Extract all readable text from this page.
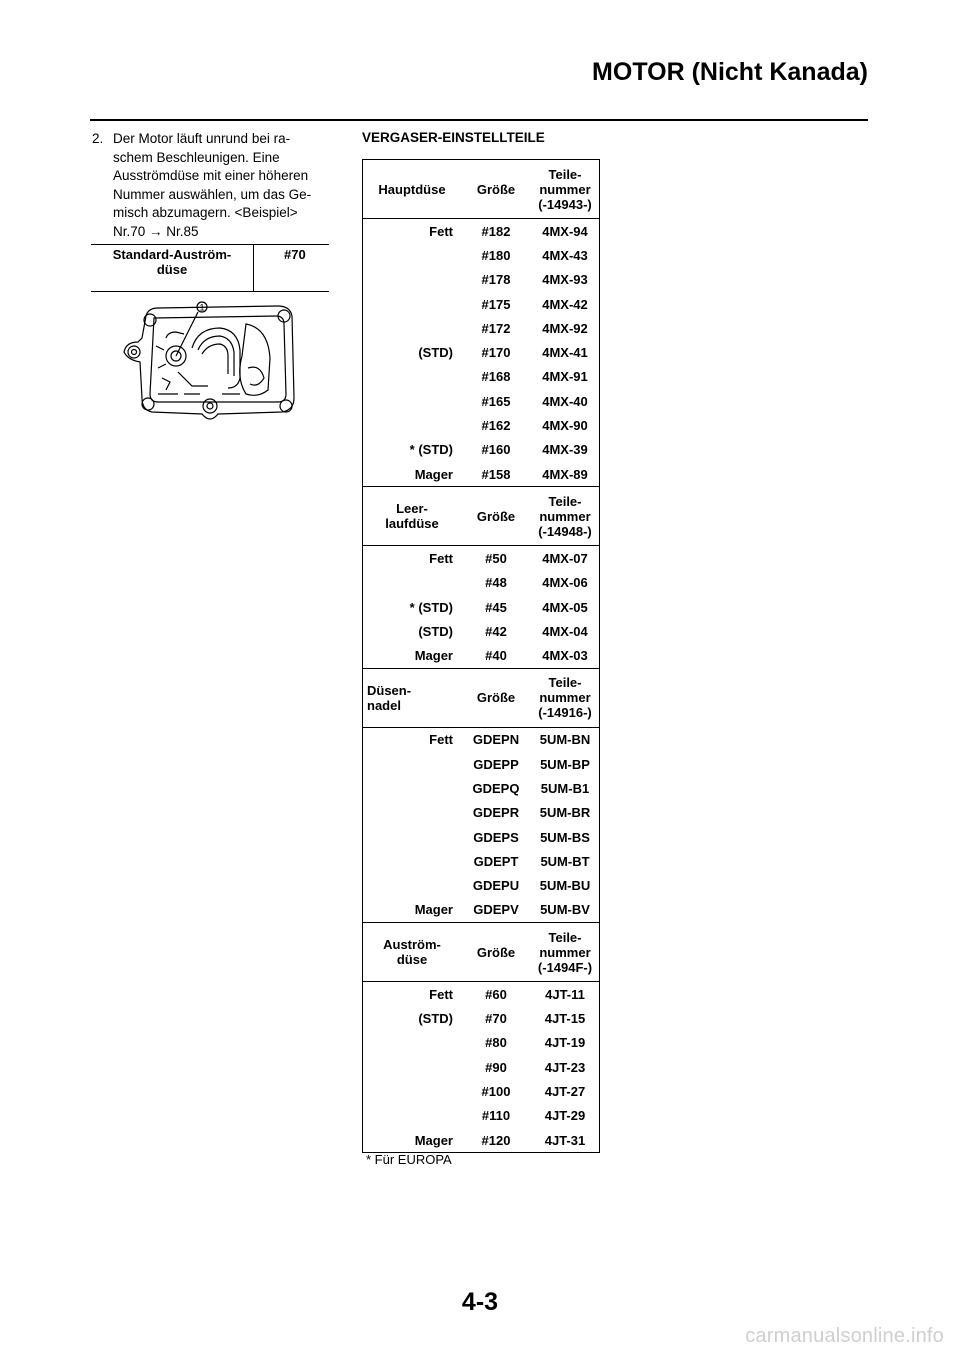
MOTOR (Nicht Kanada)
2. Der Motor läuft unrund bei ra-
schem Beschleunigen. Eine
Ausströmdüse mit einer höheren
Nummer auswählen, um das Ge-
misch abzumagern. <Beispiel>
Nr.70 → Nr.85
Standard-Auström-
düse	#70
1
VERGASER-EINSTELLTEILE
Hauptdüse	Größe	Teile-
nummer
(-14943-)
Fett	#182	4MX-94
	#180	4MX-43
	#178	4MX-93
	#175	4MX-42
	#172	4MX-92
(STD)	#170	4MX-41
	#168	4MX-91
	#165	4MX-40
	#162	4MX-90
* (STD)	#160	4MX-39
Mager	#158	4MX-89
Leer-
laufdüse	Größe	Teile-
nummer
(-14948-)
Fett	#50	4MX-07
	#48	4MX-06
* (STD)	#45	4MX-05
(STD)	#42	4MX-04
Mager	#40	4MX-03
Düsen-
nadel	Größe	Teile-
nummer
(-14916-)
Fett	GDEPN	5UM-BN
	GDEPP	5UM-BP
	GDEPQ	5UM-B1
	GDEPR	5UM-BR
	GDEPS	5UM-BS
	GDEPT	5UM-BT
	GDEPU	5UM-BU
Mager	GDEPV	5UM-BV
Auström-
düse	Größe	Teile-
nummer
(-1494F-)
Fett	#60	4JT-11
(STD)	#70	4JT-15
	#80	4JT-19
	#90	4JT-23
	#100	4JT-27
	#110	4JT-29
Mager	#120	4JT-31
* Für EUROPA
4-3
carmanualsonline.info
